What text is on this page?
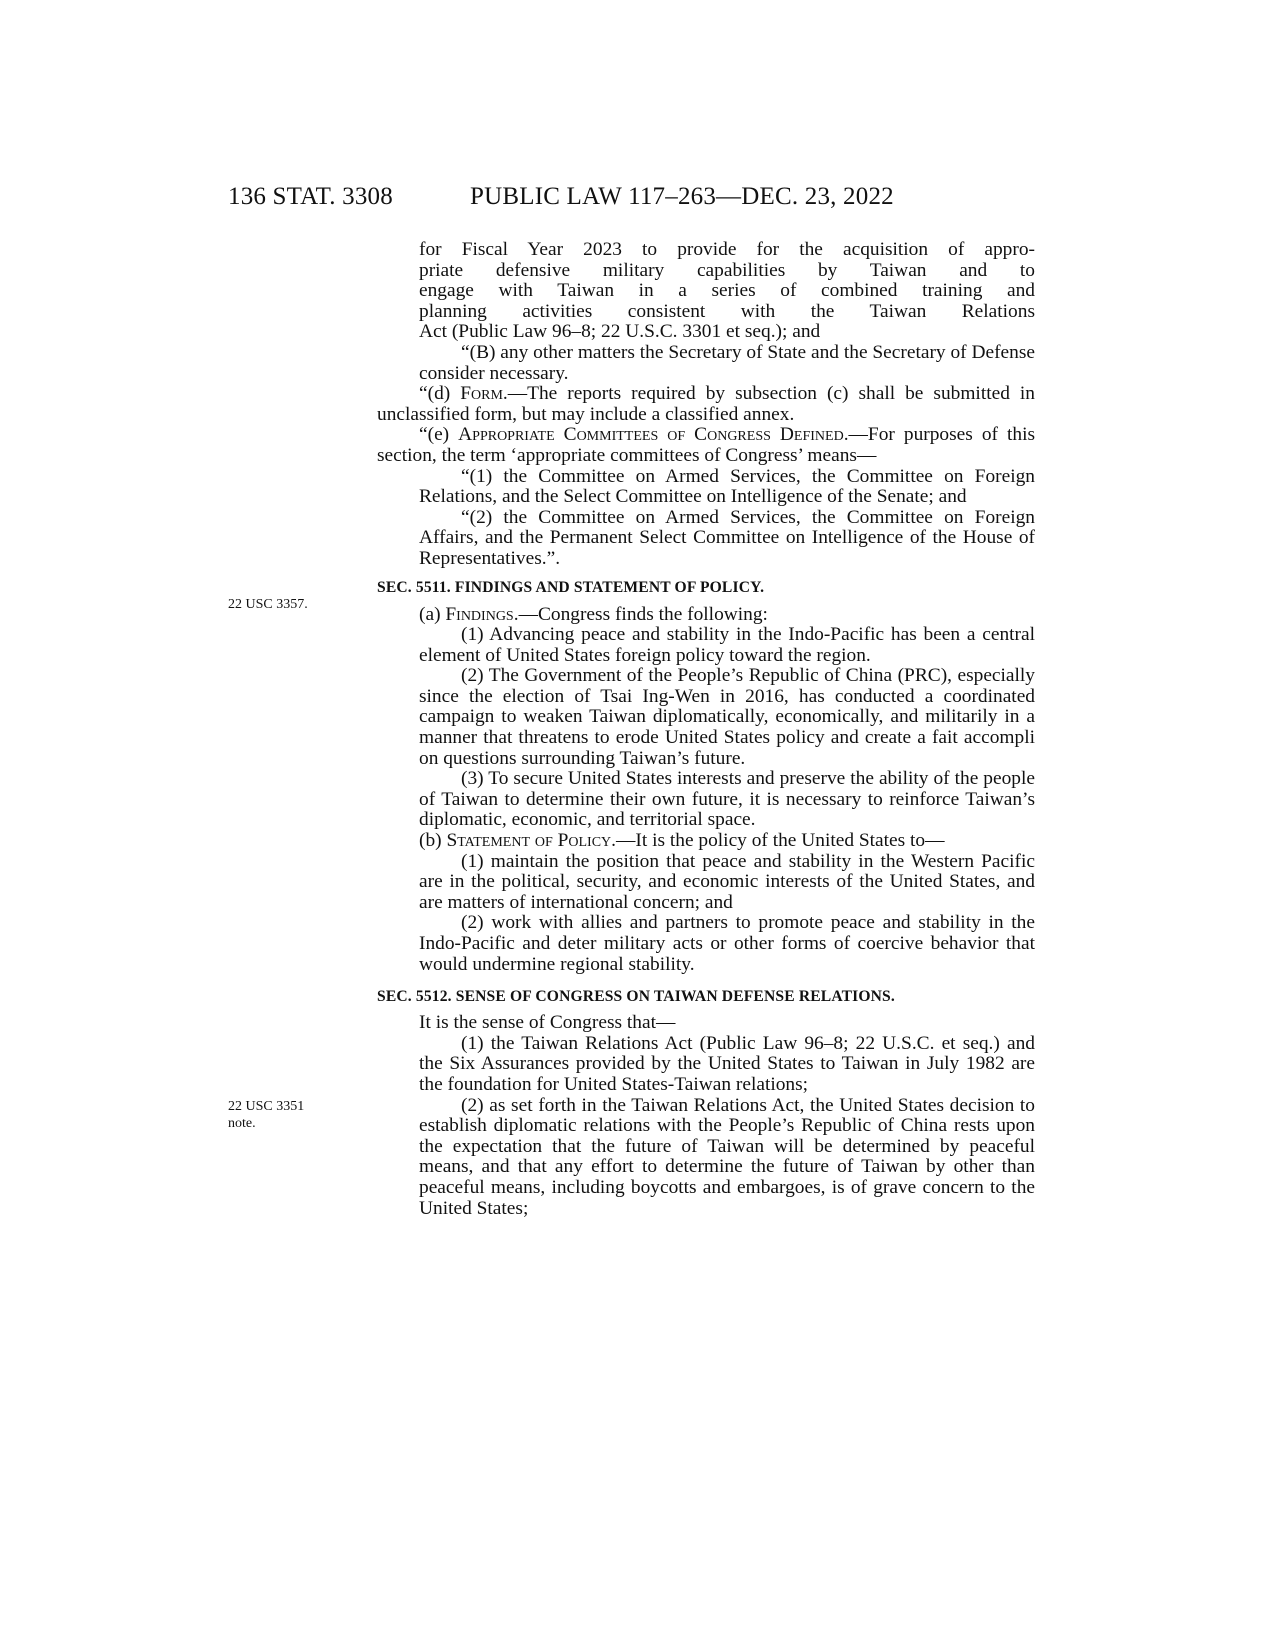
136 STAT. 3308	PUBLIC LAW 117–263—DEC. 23, 2022
22 USC 3357.
22 USC 3351
note.
for Fiscal Year 2023 to provide for the acquisition of appro-
priate defensive military capabilities by Taiwan and to
engage with Taiwan in a series of combined training and
planning activities consistent with the Taiwan Relations
Act (Public Law 96–8; 22 U.S.C. 3301 et seq.); and

“(B) any other matters the Secretary of State and the Secretary of Defense consider necessary.

“(d) Form.—The reports required by subsection (c) shall be submitted in unclassified form, but may include a classified annex.

“(e) Appropriate Committees of Congress Defined.—For purposes of this section, the term ‘appropriate committees of Congress’ means—

“(1) the Committee on Armed Services, the Committee on Foreign Relations, and the Select Committee on Intelligence of the Senate; and

“(2) the Committee on Armed Services, the Committee on Foreign Affairs, and the Permanent Select Committee on Intelligence of the House of Representatives.”.

SEC. 5511. FINDINGS AND STATEMENT OF POLICY.

(a) Findings.—Congress finds the following:

(1) Advancing peace and stability in the Indo-Pacific has been a central element of United States foreign policy toward the region.

(2) The Government of the People’s Republic of China (PRC), especially since the election of Tsai Ing-Wen in 2016, has conducted a coordinated campaign to weaken Taiwan diplomatically, economically, and militarily in a manner that threatens to erode United States policy and create a fait accompli on questions surrounding Taiwan’s future.

(3) To secure United States interests and preserve the ability of the people of Taiwan to determine their own future, it is necessary to reinforce Taiwan’s diplomatic, economic, and territorial space.

(b) Statement of Policy.—It is the policy of the United States to—

(1) maintain the position that peace and stability in the Western Pacific are in the political, security, and economic interests of the United States, and are matters of international concern; and

(2) work with allies and partners to promote peace and stability in the Indo-Pacific and deter military acts or other forms of coercive behavior that would undermine regional stability.

SEC. 5512. SENSE OF CONGRESS ON TAIWAN DEFENSE RELATIONS.

It is the sense of Congress that—

(1) the Taiwan Relations Act (Public Law 96–8; 22 U.S.C. et seq.) and the Six Assurances provided by the United States to Taiwan in July 1982 are the foundation for United States-Taiwan relations;

(2) as set forth in the Taiwan Relations Act, the United States decision to establish diplomatic relations with the People’s Republic of China rests upon the expectation that the future of Taiwan will be determined by peaceful means, and that any effort to determine the future of Taiwan by other than peaceful means, including boycotts and embargoes, is of grave concern to the United States;
